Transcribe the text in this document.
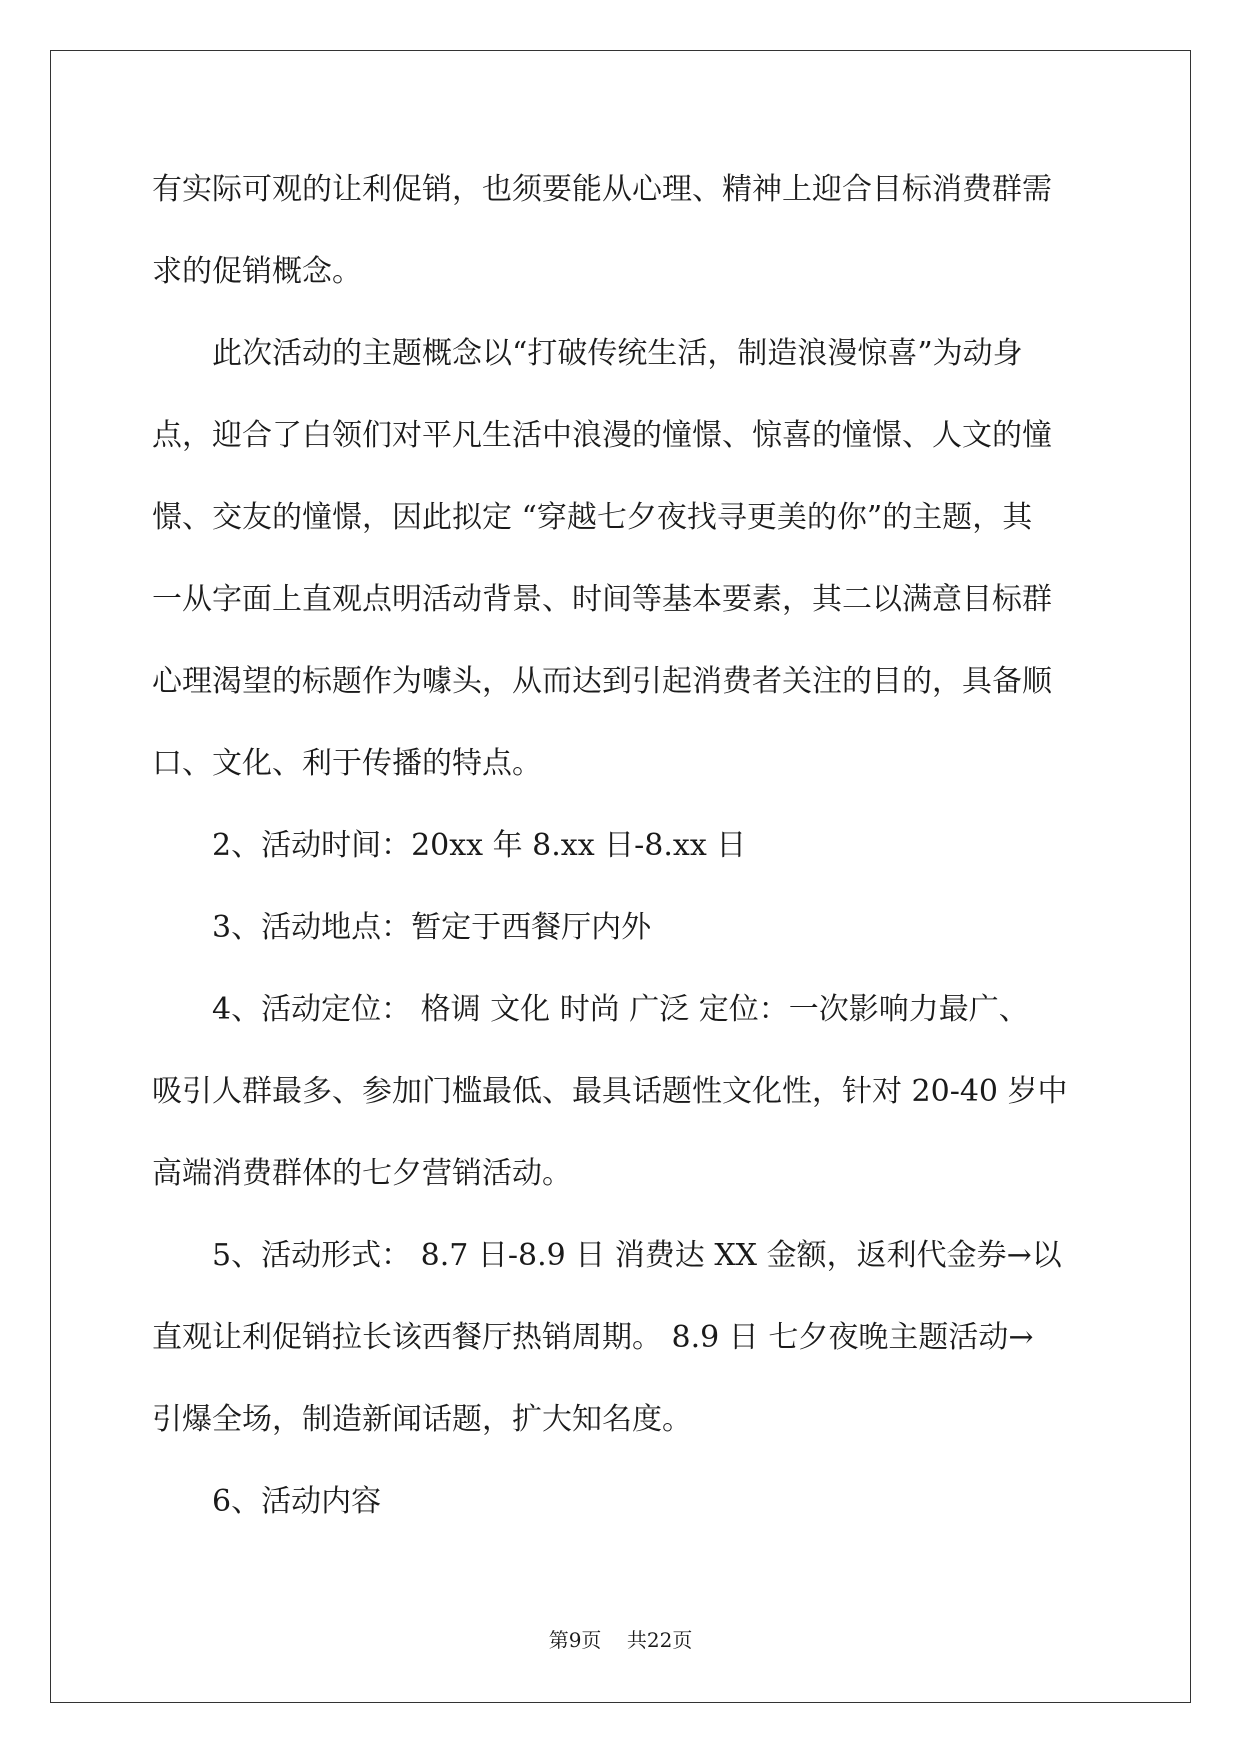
有实际可观的让利促销，也须要能从心理、精神上迎合目标消费群需
求的促销概念。
　　此次活动的主题概念以“打破传统生活，制造浪漫惊喜”为动身
点，迎合了白领们对平凡生活中浪漫的憧憬、惊喜的憧憬、人文的憧
憬、交友的憧憬，因此拟定 “穿越七夕夜找寻更美的你”的主题，其
一从字面上直观点明活动背景、时间等基本要素，其二以满意目标群
心理渴望的标题作为噱头，从而达到引起消费者关注的目的，具备顺
口、文化、利于传播的特点。
　　2、活动时间：20xx 年 8.xx 日-8.xx 日
　　3、活动地点：暂定于西餐厅内外
　　4、活动定位： 格调 文化 时尚 广泛 定位：一次影响力最广、
吸引人群最多、参加门槛最低、最具话题性文化性，针对 20-40 岁中
高端消费群体的七夕营销活动。
　　5、活动形式： 8.7 日-8.9 日 消费达 XX 金额，返利代金券→以
直观让利促销拉长该西餐厅热销周期。 8.9 日 七夕夜晚主题活动→
引爆全场，制造新闻话题，扩大知名度。
　　6、活动内容
第9页 共22页
